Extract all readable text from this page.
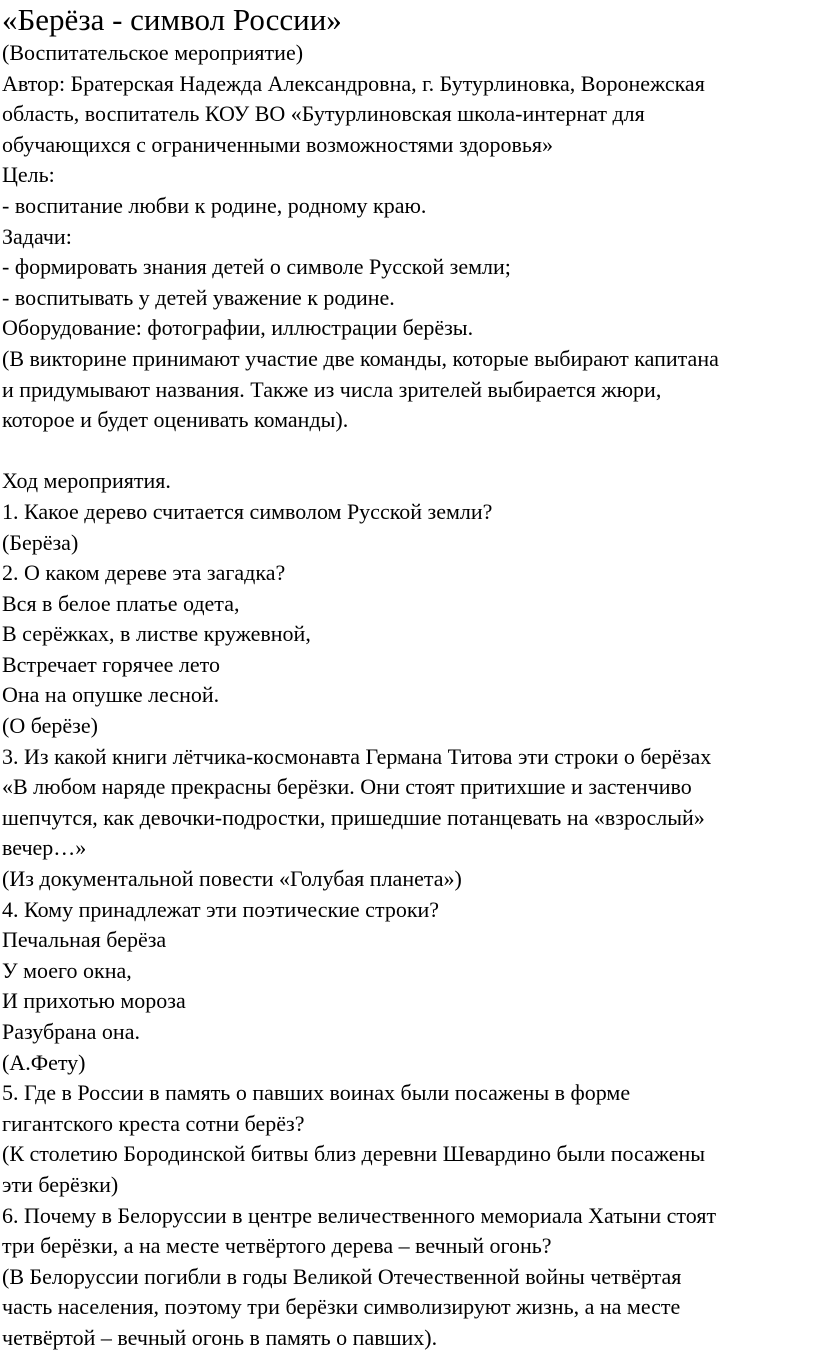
«Берёза - символ России»

(Воспитательское мероприятие)

Автор: Братерская Надежда Александровна, г. Бутурлиновка, Воронежская

область, воспитатель КОУ ВО «Бутурлиновская школа-интернат для

обучающихся с ограниченными возможностями здоровья»

Цель:

- воспитание любви к родине, родному краю.

Задачи:

- формировать знания детей о символе Русской земли;

- воспитывать у детей уважение к родине.

Оборудование: фотографии, иллюстрации берёзы.

(В викторине принимают участие две команды, которые выбирают капитана

и придумывают названия. Также из числа зрителей выбирается жюри,

которое и будет оценивать команды).

Ход мероприятия.

1. Какое дерево считается символом Русской земли?

(Берёза)

2. О каком дереве эта загадка?

Вся в белое платье одета,

В серёжках, в листве кружевной,

Встречает горячее лето

Она на опушке лесной.

(О берёзе)

3. Из какой книги лётчика-космонавта Германа Титова эти строки о берёзах

«В любом наряде прекрасны берёзки. Они стоят притихшие и застенчиво

шепчутся, как девочки-подростки, пришедшие потанцевать на «взрослый»

вечер…»

(Из документальной повести «Голубая планета»)

4. Кому принадлежат эти поэтические строки?

Печальная берёза

У моего окна,

И прихотью мороза

Разубрана она.

(А.Фету)

5. Где в России в память о павших воинах были посажены в форме

гигантского креста сотни берёз?

(К столетию Бородинской битвы близ деревни Шевардино были посажены

эти берёзки)

6. Почему в Белоруссии в центре величественного мемориала Хатыни стоят

три берёзки, а на месте четвёртого дерева – вечный огонь?

(В Белоруссии погибли в годы Великой Отечественной войны четвёртая

часть населения, поэтому три берёзки символизируют жизнь, а на месте

четвёртой – вечный огонь в память о павших).
